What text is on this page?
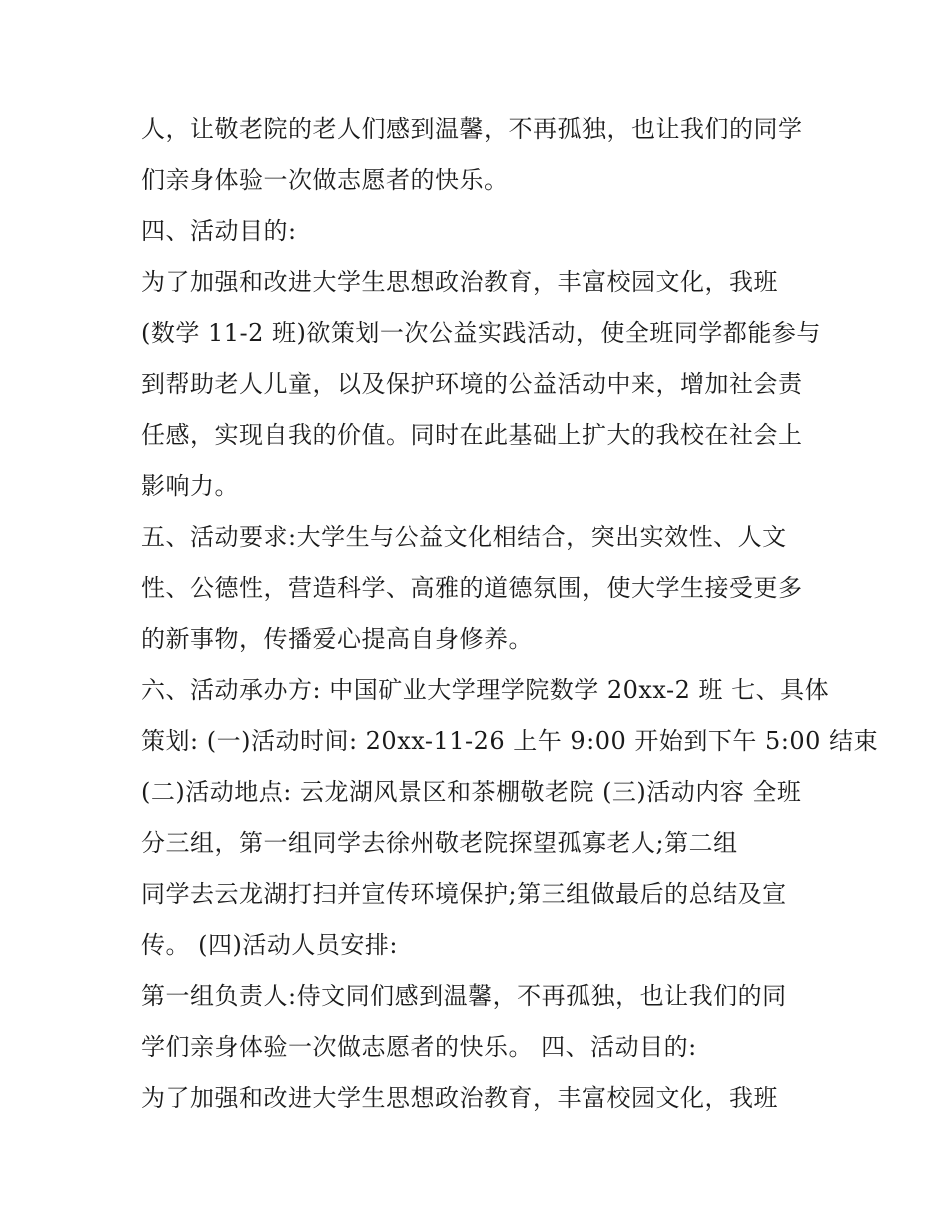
人，让敬老院的老人们感到温馨，不再孤独，也让我们的同学
们亲身体验一次做志愿者的快乐。
四、活动目的:
为了加强和改进大学生思想政治教育，丰富校园文化，我班
(数学 11-2 班)欲策划一次公益实践活动，使全班同学都能参与
到帮助老人儿童，以及保护环境的公益活动中来，增加社会责
任感，实现自我的价值。同时在此基础上扩大的我校在社会上
影响力。
五、活动要求:大学生与公益文化相结合，突出实效性、人文
性、公德性，营造科学、高雅的道德氛围，使大学生接受更多
的新事物，传播爱心提高自身修养。
六、活动承办方: 中国矿业大学理学院数学 20xx-2 班 七、具体
策划: (一)活动时间: 20xx-11-26 上午 9:00 开始到下午 5:00 结束
(二)活动地点: 云龙湖风景区和茶棚敬老院 (三)活动内容 全班
分三组，第一组同学去徐州敬老院探望孤寡老人;第二组
同学去云龙湖打扫并宣传环境保护;第三组做最后的总结及宣
传。 (四)活动人员安排:
第一组负责人:侍文同们感到温馨，不再孤独，也让我们的同
学们亲身体验一次做志愿者的快乐。 四、活动目的:
为了加强和改进大学生思想政治教育，丰富校园文化，我班
